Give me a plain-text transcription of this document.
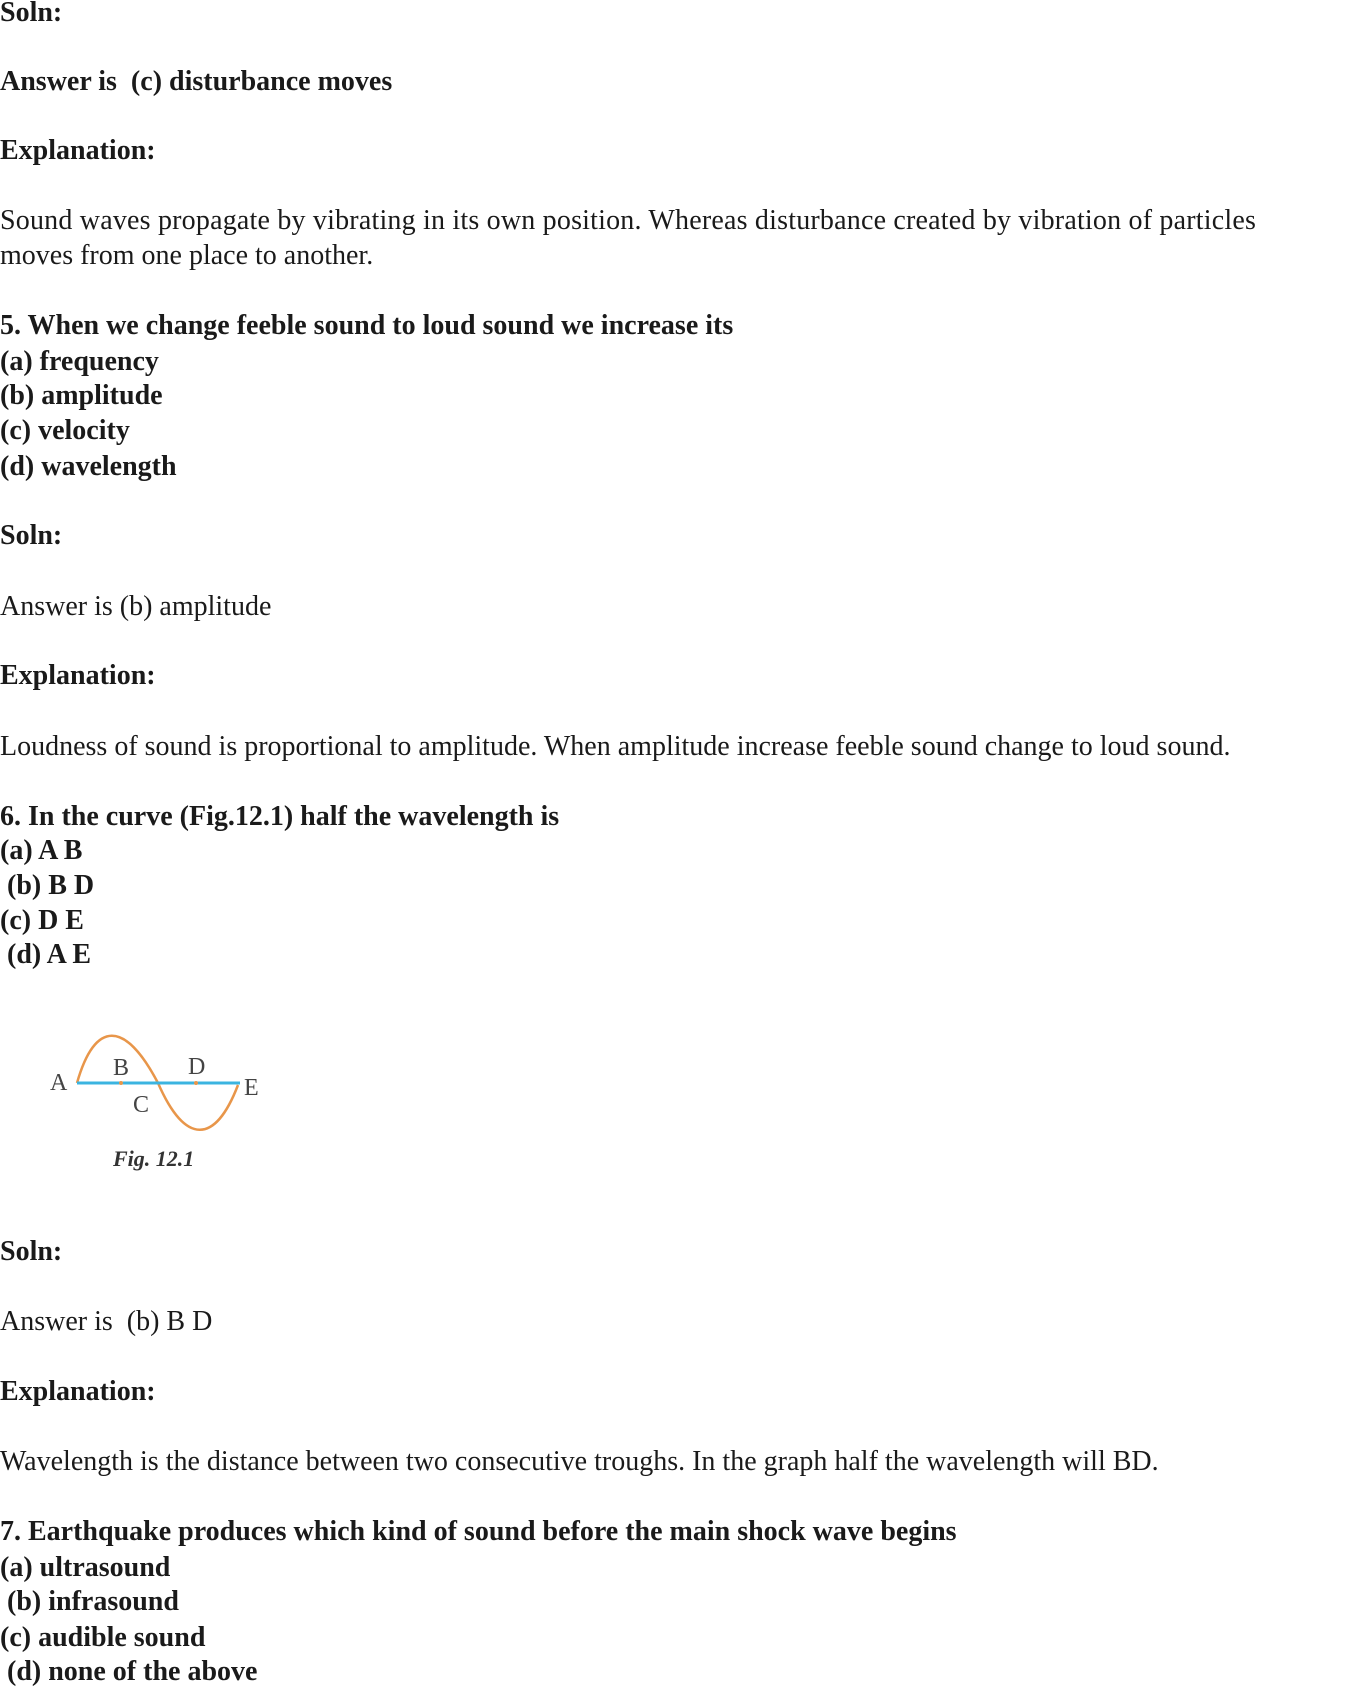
Soln:
Answer is  (c) disturbance moves
Explanation:
Sound waves propagate by vibrating in its own position. Whereas disturbance created by vibration of particles
moves from one place to another.
5. When we change feeble sound to loud sound we increase its
(a) frequency
(b) amplitude
(c) velocity
(d) wavelength
Soln:
Answer is (b) amplitude
Explanation:
Loudness of sound is proportional to amplitude. When amplitude increase feeble sound change to loud sound.
6. In the curve (Fig.12.1) half the wavelength is
(a) A B
(b) B D
(c) D E
(d) A E
A
B
C
D
E
Fig. 12.1
Soln:
Answer is  (b) B D
Explanation:
Wavelength is the distance between two consecutive troughs. In the graph half the wavelength will BD.
7. Earthquake produces which kind of sound before the main shock wave begins
(a) ultrasound
(b) infrasound
(c) audible sound
(d) none of the above
